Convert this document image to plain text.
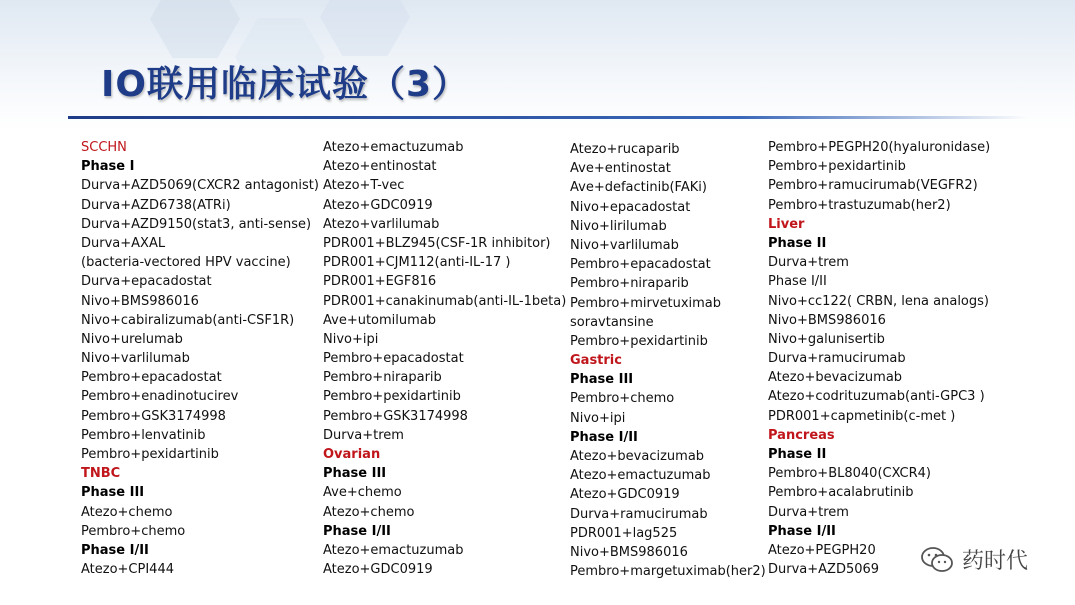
IO联用临床试验（3）
SCCHN
Phase I
Durva+AZD5069(CXCR2 antagonist)
Durva+AZD6738(ATRi)
Durva+AZD9150(stat3, anti-sense)
Durva+AXAL
(bacteria-vectored HPV vaccine)
Durva+epacadostat
Nivo+BMS986016
Nivo+cabiralizumab(anti-CSF1R)
Nivo+urelumab
Nivo+varlilumab
Pembro+epacadostat
Pembro+enadinotucirev
Pembro+GSK3174998
Pembro+lenvatinib
Pembro+pexidartinib
TNBC
Phase III
Atezo+chemo
Pembro+chemo
Phase I/II
Atezo+CPI444
Atezo+emactuzumab
Atezo+entinostat
Atezo+T-vec
Atezo+GDC0919
Atezo+varlilumab
PDR001+BLZ945(CSF-1R inhibitor)
PDR001+CJM112(anti-IL-17 )
PDR001+EGF816
PDR001+canakinumab(anti-IL-1beta)
Ave+utomilumab
Nivo+ipi
Pembro+epacadostat
Pembro+niraparib
Pembro+pexidartinib
Pembro+GSK3174998
Durva+trem
Ovarian
Phase III
Ave+chemo
Atezo+chemo
Phase I/II
Atezo+emactuzumab
Atezo+GDC0919
Atezo+rucaparib
Ave+entinostat
Ave+defactinib(FAKi)
Nivo+epacadostat
Nivo+lirilumab
Nivo+varlilumab
Pembro+epacadostat
Pembro+niraparib
Pembro+mirvetuximab
soravtansine
Pembro+pexidartinib
Gastric
Phase III
Pembro+chemo
Nivo+ipi
Phase I/II
Atezo+bevacizumab
Atezo+emactuzumab
Atezo+GDC0919
Durva+ramucirumab
PDR001+lag525
Nivo+BMS986016
Pembro+margetuximab(her2)
Pembro+PEGPH20(hyaluronidase)
Pembro+pexidartinib
Pembro+ramucirumab(VEGFR2)
Pembro+trastuzumab(her2)
Liver
Phase II
Durva+trem
Phase I/II
Nivo+cc122( CRBN, lena analogs)
Nivo+BMS986016
Nivo+galunisertib
Durva+ramucirumab
Atezo+bevacizumab
Atezo+codrituzumab(anti-GPC3 )
PDR001+capmetinib(c-met )
Pancreas
Phase II
Pembro+BL8040(CXCR4)
Pembro+acalabrutinib
Durva+trem
Phase I/II
Atezo+PEGPH20
Durva+AZD5069	药时代
